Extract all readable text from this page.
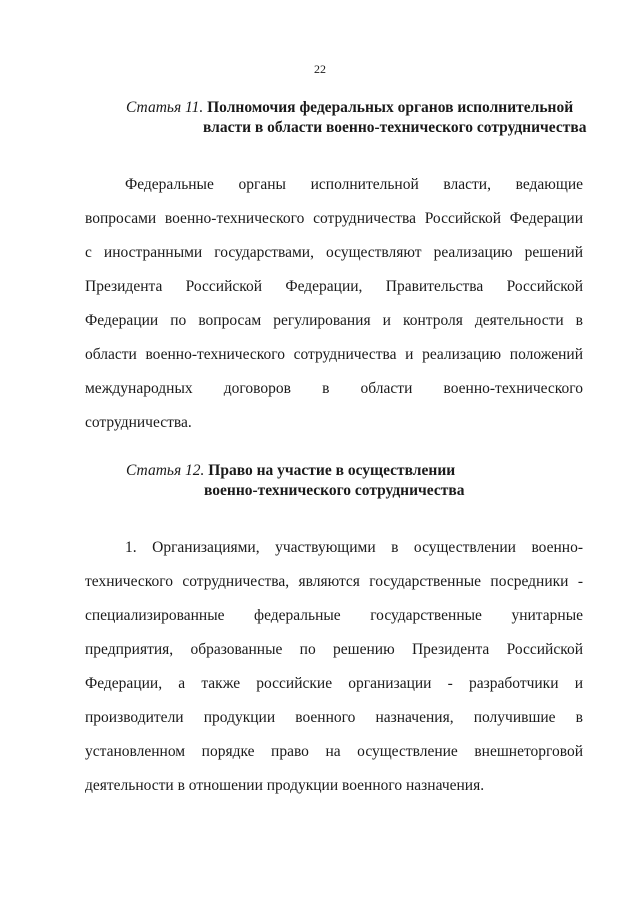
22
Статья 11. Полномочия федеральных органов исполнительной
власти в области военно-технического сотрудничества
Федеральные органы исполнительной власти, ведающие
вопросами военно-технического сотрудничества Российской Федерации
с иностранными государствами, осуществляют реализацию решений
Президента Российской Федерации, Правительства Российской
Федерации по вопросам регулирования и контроля деятельности в
области военно-технического сотрудничества и реализацию положений
международных договоров в области военно-технического
сотрудничества.
Статья 12. Право на участие в осуществлении
военно-технического сотрудничества
1. Организациями, участвующими в осуществлении военно-
технического сотрудничества, являются государственные посредники -
специализированные федеральные государственные унитарные
предприятия, образованные по решению Президента Российской
Федерации, а также российские организации - разработчики и
производители продукции военного назначения, получившие в
установленном порядке право на осуществление внешнеторговой
деятельности в отношении продукции военного назначения.
